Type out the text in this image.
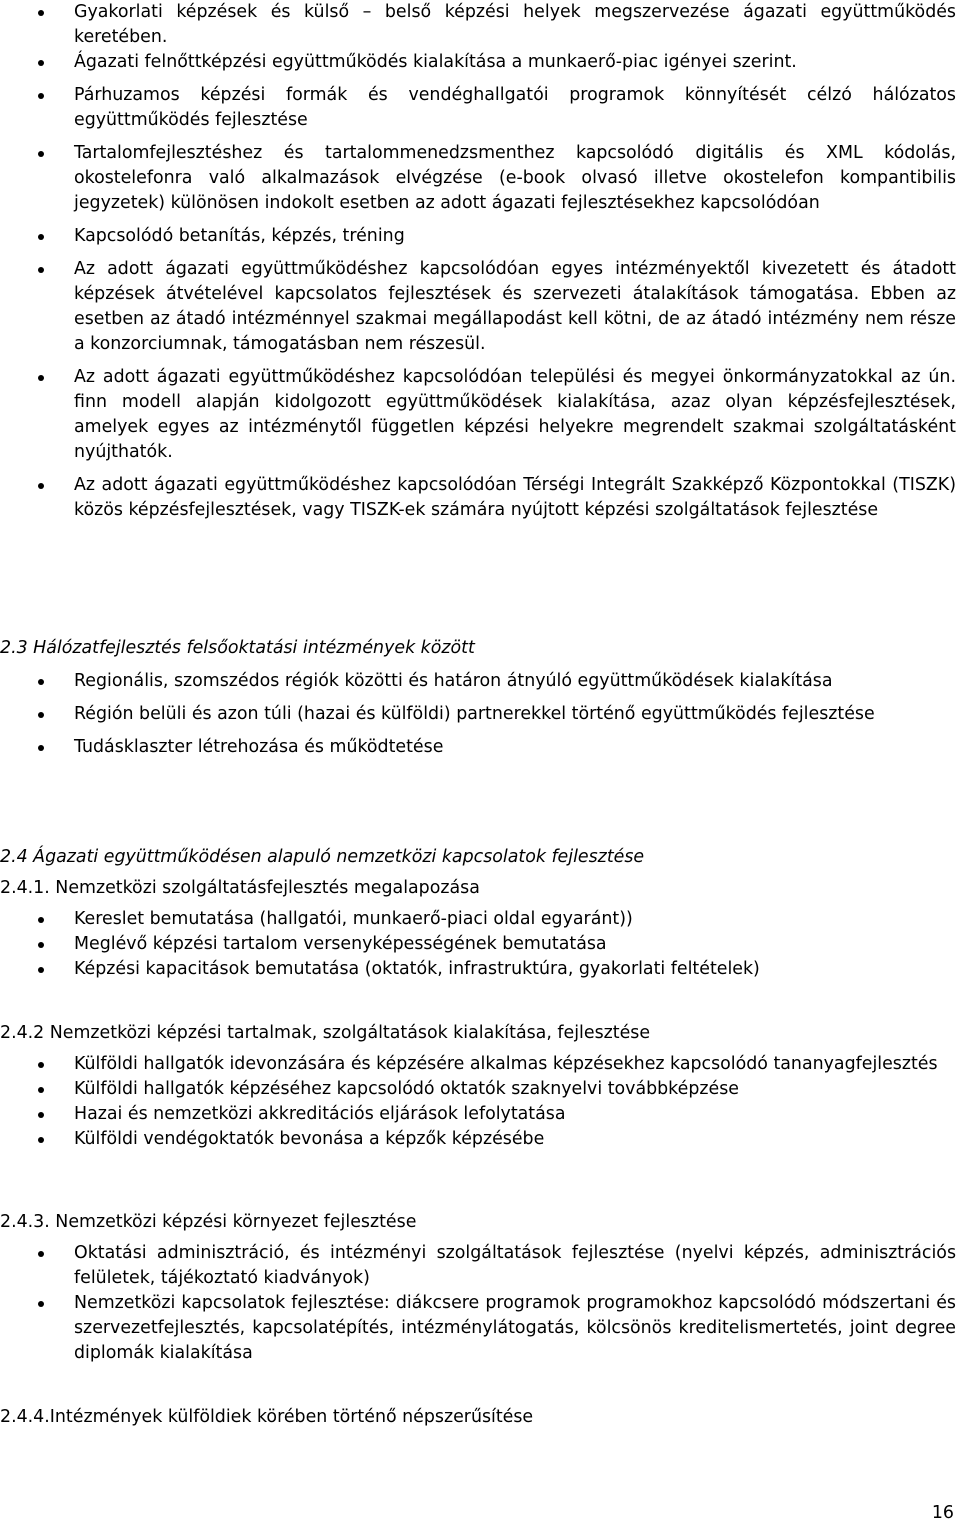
Gyakorlati képzések és külső – belső képzési helyek megszervezése ágazati együttműködés keretében.
Ágazati felnőttképzési együttműködés kialakítása a munkaerő-piac igényei szerint.
Párhuzamos képzési formák és vendéghallgatói programok könnyítését célzó hálózatos együttműködés fejlesztése
Tartalomfejlesztéshez és tartalommenedzsmenthez kapcsolódó digitális és XML kódolás, okostelefonra való alkalmazások elvégzése (e-book olvasó illetve okostelefon kompantibilis jegyzetek) különösen indokolt esetben az adott ágazati fejlesztésekhez kapcsolódóan
Kapcsolódó betanítás, képzés, tréning
Az adott ágazati együttműködéshez kapcsolódóan egyes intézményektől kivezetett és átadott képzések átvételével kapcsolatos fejlesztések és szervezeti átalakítások támogatása. Ebben az esetben az átadó intézménnyel szakmai megállapodást kell kötni, de az átadó intézmény nem része a konzorciumnak, támogatásban nem részesül.
Az adott ágazati együttműködéshez kapcsolódóan települési és megyei önkormányzatokkal az ún. finn modell alapján kidolgozott együttműködések kialakítása, azaz olyan képzésfejlesztések, amelyek egyes az intézménytől független képzési helyekre megrendelt szakmai szolgáltatásként nyújthatók.
Az adott ágazati együttműködéshez kapcsolódóan Térségi Integrált Szakképző Központokkal (TISZK) közös képzésfejlesztések, vagy TISZK-ek számára nyújtott képzési szolgáltatások fejlesztése
2.3 Hálózatfejlesztés felsőoktatási intézmények között
Regionális, szomszédos régiók közötti és határon átnyúló együttműködések kialakítása
Régión belüli és azon túli (hazai és külföldi) partnerekkel történő együttműködés fejlesztése
Tudásklaszter létrehozása és működtetése
2.4 Ágazati együttműködésen alapuló nemzetközi kapcsolatok fejlesztése
2.4.1. Nemzetközi szolgáltatásfejlesztés megalapozása
Kereslet bemutatása (hallgatói, munkaerő-piaci oldal egyaránt))
Meglévő képzési tartalom versenyképességének bemutatása
Képzési kapacitások bemutatása (oktatók, infrastruktúra, gyakorlati feltételek)
2.4.2 Nemzetközi képzési tartalmak, szolgáltatások kialakítása, fejlesztése
Külföldi hallgatók idevonzására és képzésére alkalmas képzésekhez kapcsolódó tananyagfejlesztés
Külföldi hallgatók képzéséhez kapcsolódó oktatók szaknyelvi továbbképzése
Hazai és nemzetközi akkreditációs eljárások lefolytatása
Külföldi vendégoktatók bevonása a képzők képzésébe
2.4.3. Nemzetközi képzési környezet fejlesztése
Oktatási adminisztráció, és intézményi szolgáltatások fejlesztése (nyelvi képzés, adminisztrációs felületek, tájékoztató kiadványok)
Nemzetközi kapcsolatok fejlesztése: diákcsere programok programokhoz kapcsolódó módszertani és szervezetfejlesztés, kapcsolatépítés, intézménylátogatás, kölcsönös kreditelismertetés, joint degree diplomák kialakítása
2.4.4.Intézmények külföldiek körében történő népszerűsítése
16
